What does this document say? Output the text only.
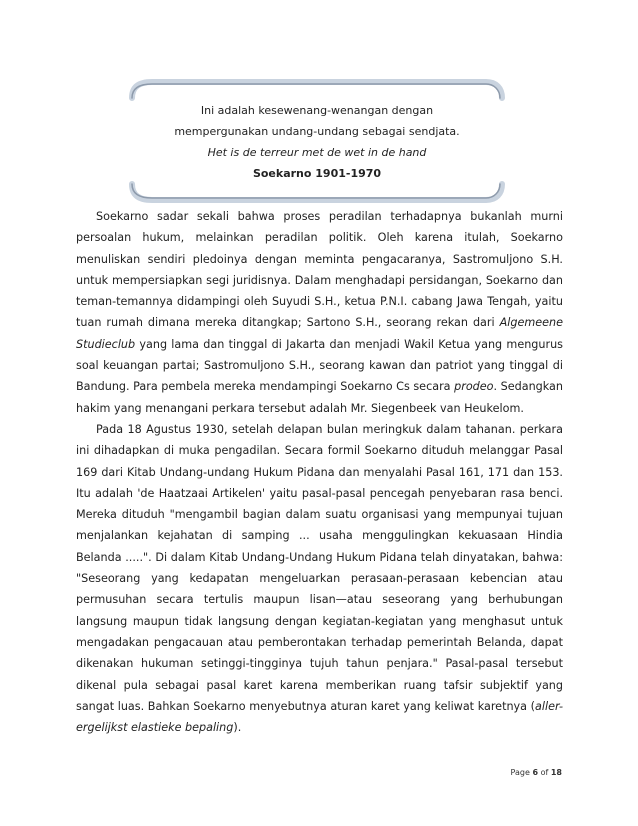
Ini adalah kesewenang-wenangan dengan
mempergunakan undang-undang sebagai sendjata.
Het is de terreur met de wet in de hand
Soekarno 1901-1970

Soekarno sadar sekali bahwa proses peradilan terhadapnya bukanlah murni persoalan hukum, melainkan peradilan politik. Oleh karena itulah, Soekarno menuliskan sendiri pledoinya dengan meminta pengacaranya, Sastromuljono S.H. untuk mempersiapkan segi juridisnya. Dalam menghadapi persidangan, Soekarno dan teman-temannya didampingi oleh Suyudi S.H., ketua P.N.I. cabang Jawa Tengah, yaitu tuan rumah dimana mereka ditangkap; Sartono S.H., seorang rekan dari Algemeene Studieclub yang lama dan tinggal di Jakarta dan menjadi Wakil Ketua yang mengurus soal keuangan partai; Sastromuljono S.H., seorang kawan dan patriot yang tinggal di Bandung. Para pembela mereka mendampingi Soekarno Cs secara prodeo. Sedangkan hakim yang menangani perkara tersebut adalah Mr. Siegenbeek van Heukelom.

Pada 18 Agustus 1930, setelah delapan bulan meringkuk dalam tahanan. perkara ini dihadapkan di muka pengadilan. Secara formil Soekarno dituduh melanggar Pasal 169 dari Kitab Undang-undang Hukum Pidana dan menyalahi Pasal 161, 171 dan 153. Itu adalah 'de Haatzaai Artikelen' yaitu pasal-pasal pencegah penyebaran rasa benci. Mereka dituduh "mengambil bagian dalam suatu organisasi yang mempunyai tujuan menjalankan kejahatan di samping ... usaha menggulingkan kekuasaan Hindia Belanda .....". Di dalam Kitab Undang-Undang Hukum Pidana telah dinyatakan, bahwa: "Seseorang yang kedapatan mengeluarkan perasaan-perasaan kebencian atau permusuhan secara tertulis maupun lisan—atau seseorang yang berhubungan langsung maupun tidak langsung dengan kegiatan-kegiatan yang menghasut untuk mengadakan pengacauan atau pemberontakan terhadap pemerintah Belanda, dapat dikenakan hukuman setinggi-tingginya tujuh tahun penjara." Pasal-pasal tersebut dikenal pula sebagai pasal karet karena memberikan ruang tafsir subjektif yang sangat luas. Bahkan Soekarno menyebutnya aturan karet yang keliwat karetnya (aller-ergelijkst elastieke bepaling).

Page 6 of 18
